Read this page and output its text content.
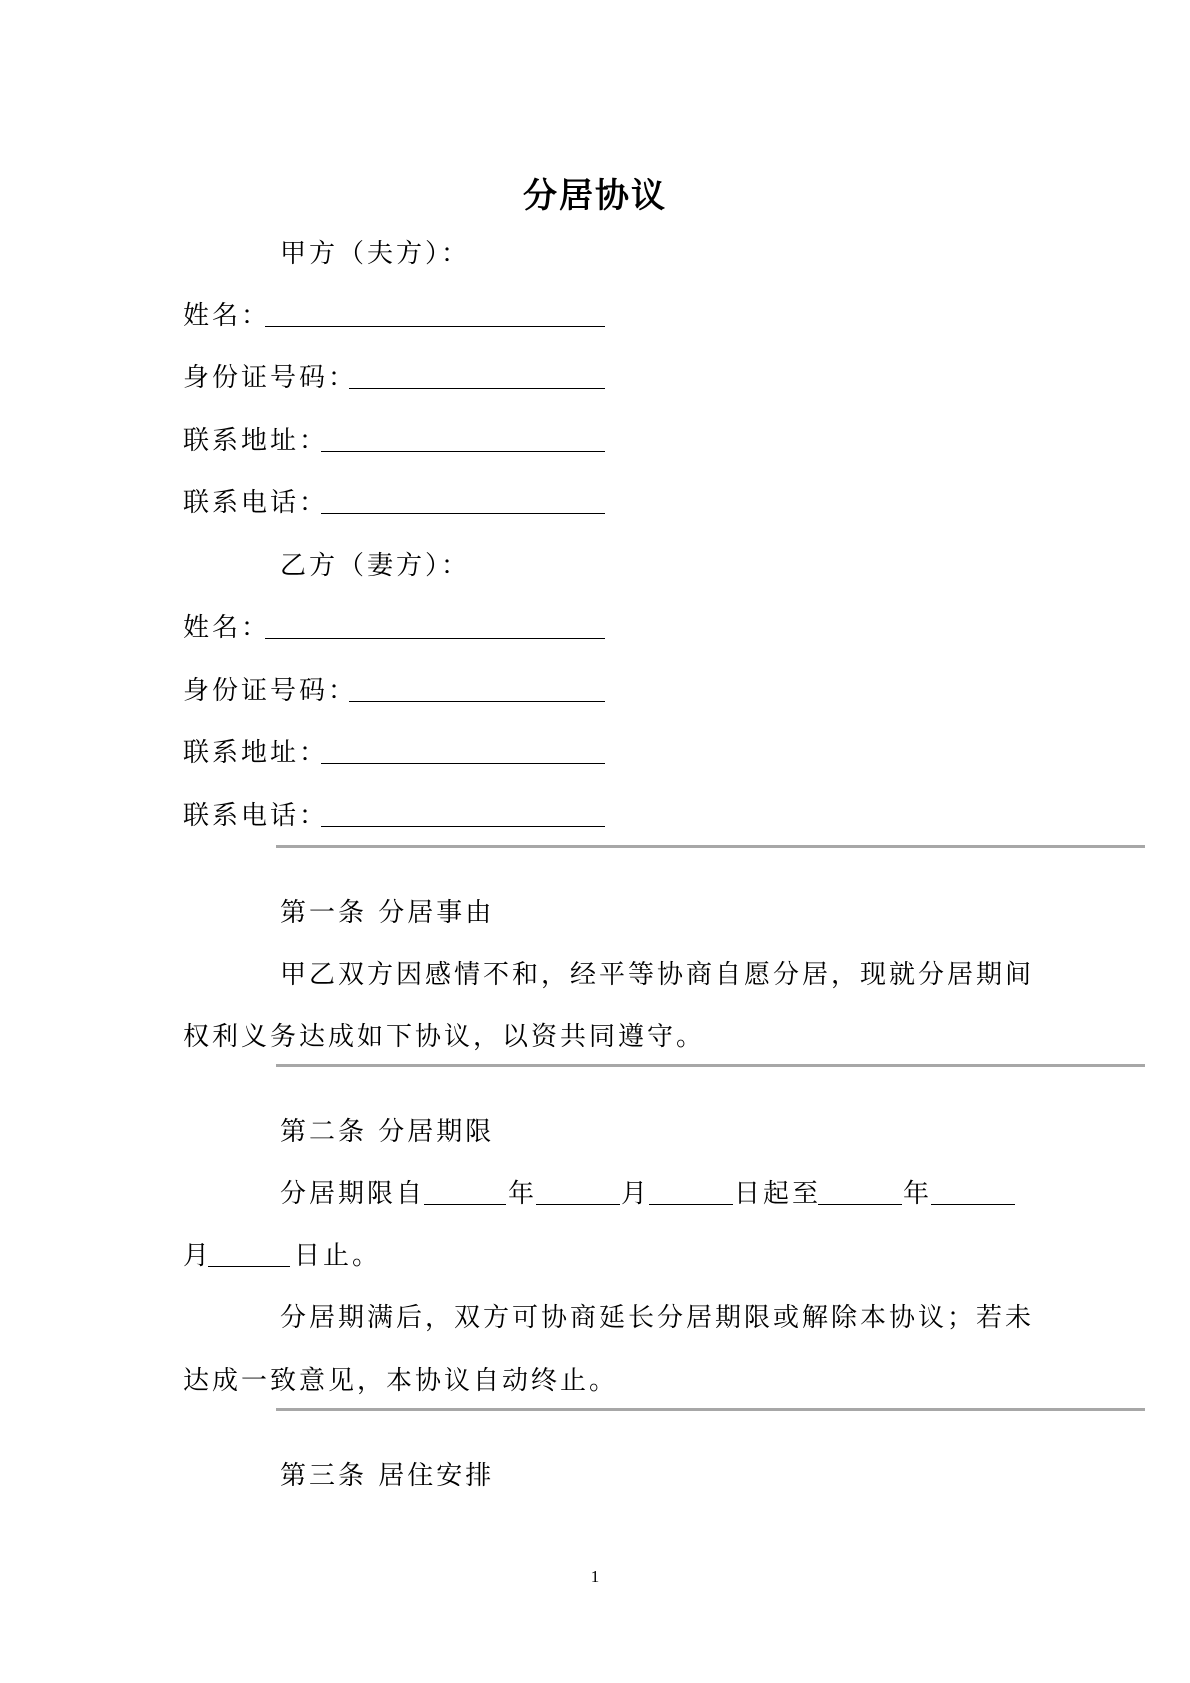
分居协议
甲方（夫方）：
姓名：
身份证号码：
联系地址：
联系电话：
乙方（妻方）：
姓名：
身份证号码：
联系地址：
联系电话：
第一条 分居事由
甲乙双方因感情不和，经平等协商自愿分居，现就分居期间
权利义务达成如下协议，以资共同遵守。
第二条 分居期限
分居期限自	年	月	日起至	年
月	日止。
分居期满后，双方可协商延长分居期限或解除本协议；若未
达成一致意见，本协议自动终止。
第三条 居住安排
1
